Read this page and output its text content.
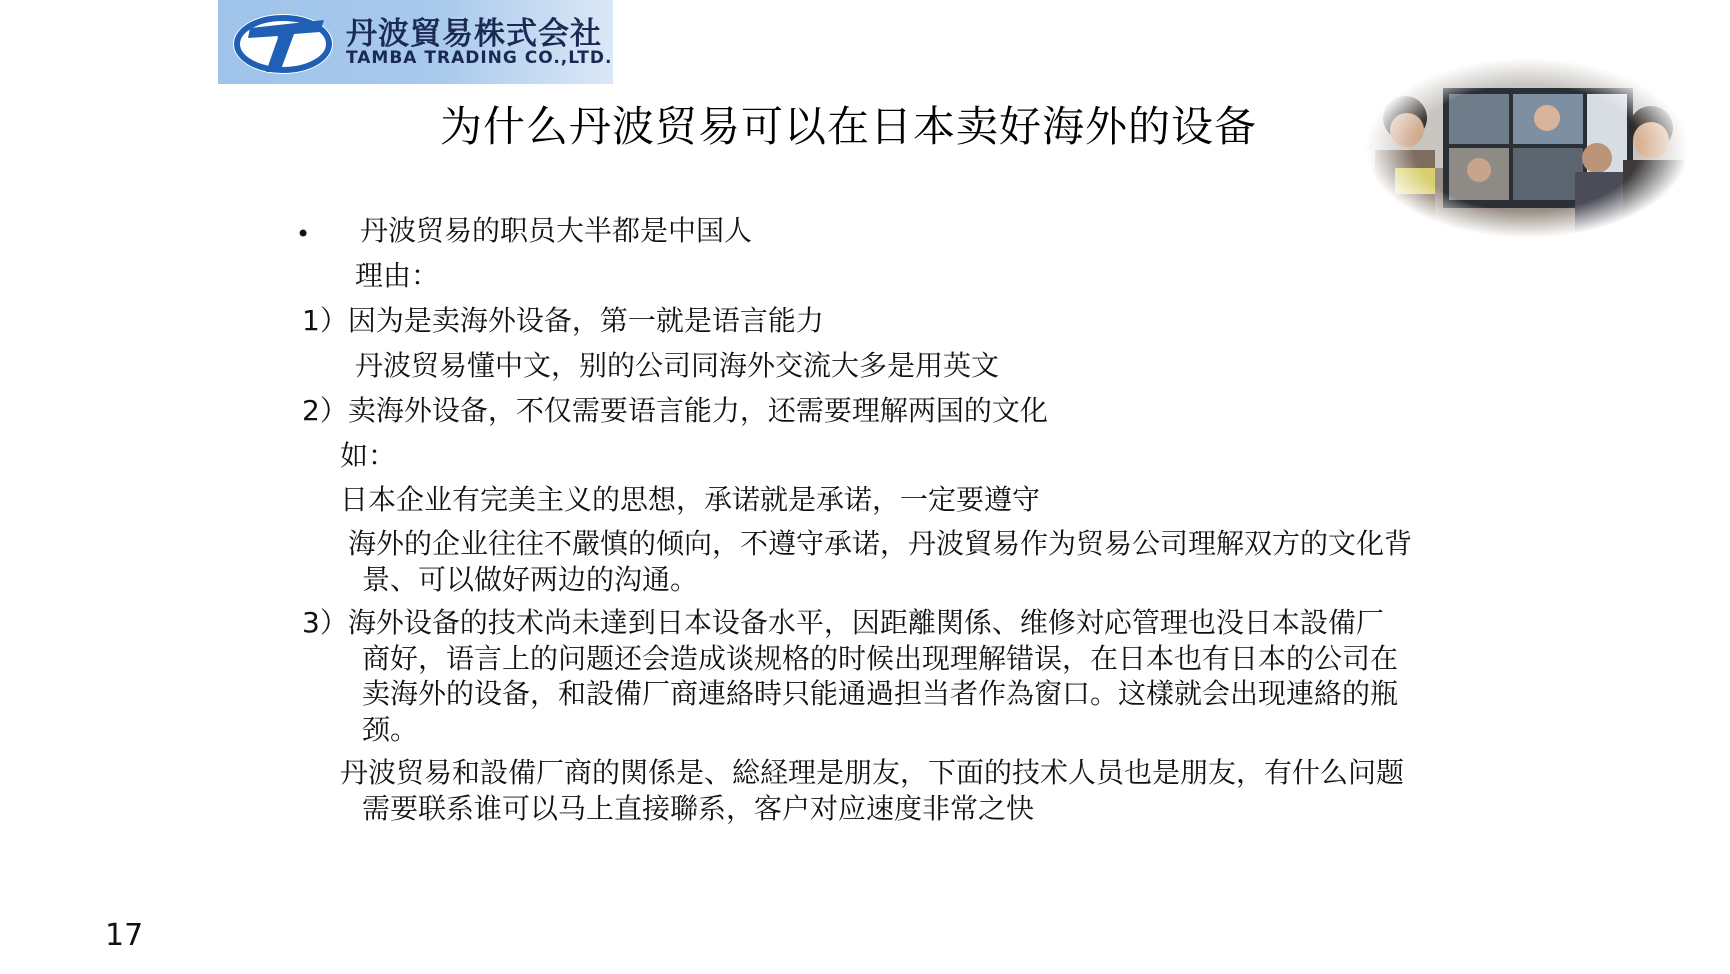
丹波貿易株式会社
TAMBA TRADING CO.,LTD.
为什么丹波贸易可以在日本卖好海外的设备
• 丹波贸易的职员大半都是中国人
理由：
1）因为是卖海外设备，第一就是语言能力
丹波贸易懂中文，别的公司同海外交流大多是用英文
2）卖海外设备，不仅需要语言能力，还需要理解两国的文化
如：
日本企业有完美主义的思想，承诺就是承诺，一定要遵守
海外的企业往往不嚴慎的倾向，不遵守承诺，丹波貿易作为贸易公司理解双方的文化背
景、可以做好两边的沟通。
3）海外设备的技术尚未達到日本设备水平，因距離関係、维修対応管理也没日本設備厂
商好，语言上的问题还会造成谈规格的时候出现理解错误，在日本也有日本的公司在
卖海外的设备，和設備厂商連絡時只能通過担当者作為窗口。这樣就会出现連絡的瓶
颈。
丹波贸易和設備厂商的関係是、総経理是朋友，下面的技术人员也是朋友，有什么问题
需要联系谁可以马上直接聯系，客户对应速度非常之快
17
